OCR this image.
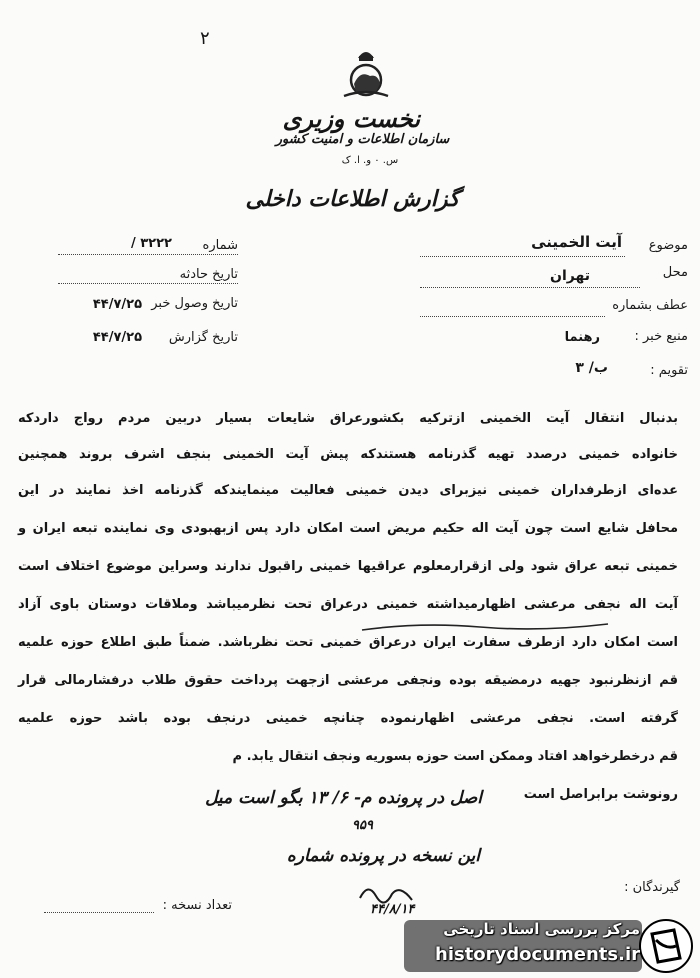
۲
نخست وزیری
سازمان اطلاعات و امنیت کشور
س. ۰ و. ا. ک
گزارش اطلاعات داخلی
موضوع
آیت الخمینی
محل
تهران
عطف بشماره
منبع خبر :
رهنما
تقویم :
ب/ ۳
شماره
۳۲۲۲ /
تاریخ حادثه
تاریخ وصول خبر
۴۴/۷/۲۵
تاریخ گزارش
۴۴/۷/۲۵
بدنبال انتقال آیت الخمینی ازترکیه بکشورعراق شایعات بسیار دربین مردم رواج داردکه
خانواده خمینی درصدد تهیه گذرنامه هستندکه پیش آیت الخمینی بنجف اشرف بروند همچنین
عده‌ای ازطرفداران خمینی نیزبرای دیدن خمینی فعالیت مینمایندکه گذرنامه اخذ نمایند در این
محافل شایع است چون آیت اله حکیم مریض است امکان دارد پس ازبهبودی وی نماینده تبعه ایران و
خمینی تبعه عراق شود ولی ازقرارمعلوم عراقیها خمینی راقبول ندارند وسراین موضوع اختلاف است
آیت اله نجفی مرعشی اظهارمیداشته خمینی درعراق تحت نظرمیباشد وملاقات دوستان باوی آزاد
است امکان دارد ازطرف سفارت ایران درعراق خمینی تحت نظرباشد. ضمناً طبق اطلاع حوزه علمیه
قم ازنظرنبود جهیه درمضیقه بوده ونجفی مرعشی ازجهت پرداخت حقوق طلاب درفشارمالی قرار
گرفته است. نجفی مرعشی اظهارنموده چنانچه خمینی درنجف بوده باشد حوزه علمیه
قم درخطرخواهد افتاد وممکن است حوزه بسوریه ونجف انتقال یابد. م
رونوشت برابراصل است
اصل در پرونده م- ۶/ ۱۳ بگو است میل
۹۵۹
این نسخه در پرونده شماره
۴۴/۸/۱۴
گیرندگان :
تعداد نسخه :
مرکز بررسی اسناد تاریخی
historydocuments.ir
